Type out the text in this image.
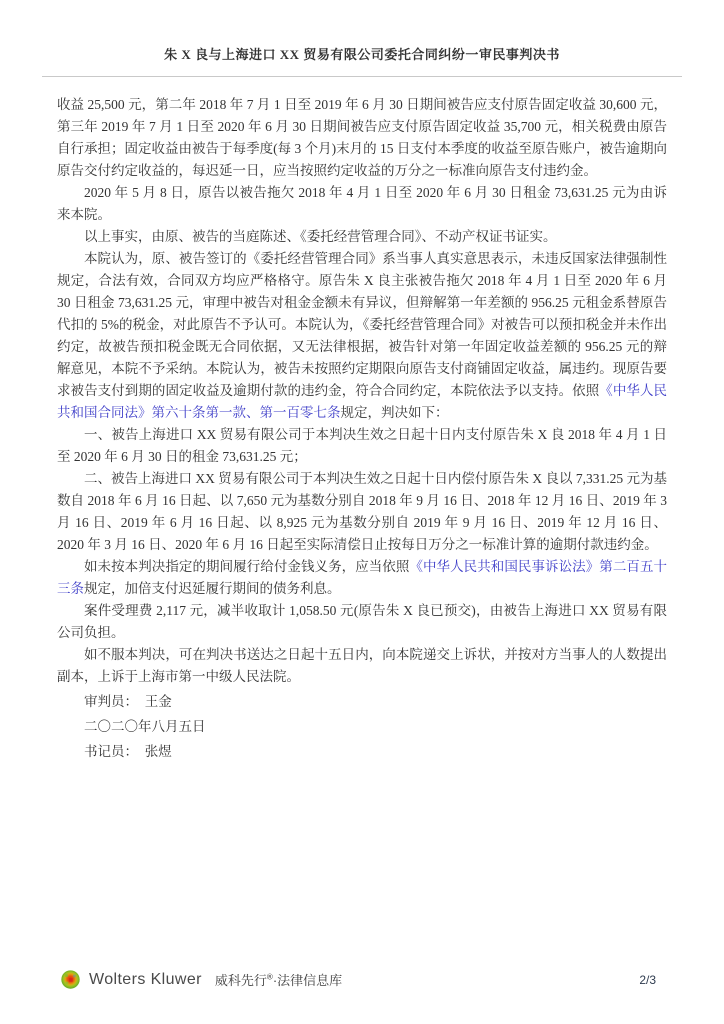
朱 X 良与上海进口 XX 贸易有限公司委托合同纠纷一审民事判决书

收益 25,500 元，第二年 2018 年 7 月 1 日至 2019 年 6 月 30 日期间被告应支付原告固定收益 30,600 元，第三年 2019 年 7 月 1 日至 2020 年 6 月 30 日期间被告应支付原告固定收益 35,700 元，相关税费由原告自行承担；固定收益由被告于每季度(每 3 个月)末月的 15 日支付本季度的收益至原告账户，被告逾期向原告交付约定收益的，每迟延一日，应当按照约定收益的万分之一标准向原告支付违约金。

2020 年 5 月 8 日，原告以被告拖欠 2018 年 4 月 1 日至 2020 年 6 月 30 日租金 73,631.25 元为由诉来本院。

以上事实，由原、被告的当庭陈述、《委托经营管理合同》、不动产权证书证实。

本院认为，原、被告签订的《委托经营管理合同》系当事人真实意思表示，未违反国家法律强制性规定，合法有效，合同双方均应严格格守。原告朱 X 良主张被告拖欠 2018 年 4 月 1 日至 2020 年 6 月 30 日租金 73,631.25 元，审理中被告对租金金额未有异议，但辩解第一年差额的 956.25 元租金系替原告代扣的 5%的税金，对此原告不予认可。本院认为，《委托经营管理合同》对被告可以预扣税金并未作出约定，故被告预扣税金既无合同依据，又无法律根据，被告针对第一年固定收益差额的 956.25 元的辩解意见，本院不予采纳。本院认为，被告未按照约定期限向原告支付商铺固定收益，属违约。现原告要求被告支付到期的固定收益及逾期付款的违约金，符合合同约定，本院依法予以支持。依照《中华人民共和国合同法》第六十条第一款、第一百零七条规定，判决如下：

一、被告上海进口 XX 贸易有限公司于本判决生效之日起十日内支付原告朱 X 良 2018 年 4 月 1 日至 2020 年 6 月 30 日的租金 73,631.25 元；

二、被告上海进口 XX 贸易有限公司于本判决生效之日起十日内偿付原告朱 X 良以 7,331.25 元为基数自 2018 年 6 月 16 日起、以 7,650 元为基数分别自 2018 年 9 月 16 日、2018 年 12 月 16 日、2019 年 3 月 16 日、2019 年 6 月 16 日起、以 8,925 元为基数分别自 2019 年 9 月 16 日、2019 年 12 月 16 日、2020 年 3 月 16 日、2020 年 6 月 16 日起至实际清偿日止按每日万分之一标准计算的逾期付款违约金。

如未按本判决指定的期间履行给付金钱义务，应当依照《中华人民共和国民事诉讼法》第二百五十三条规定，加倍支付迟延履行期间的债务利息。

案件受理费 2,117 元，减半收取计 1,058.50 元(原告朱 X 良已预交)，由被告上海进口 XX 贸易有限公司负担。

如不服本判决，可在判决书送达之日起十五日内，向本院递交上诉状，并按对方当事人的人数提出副本，上诉于上海市第一中级人民法院。

审判员：　王金

二〇二〇年八月五日

书记员：　张煜

Wolters Kluwer 威科先行®·法律信息库	2/3
